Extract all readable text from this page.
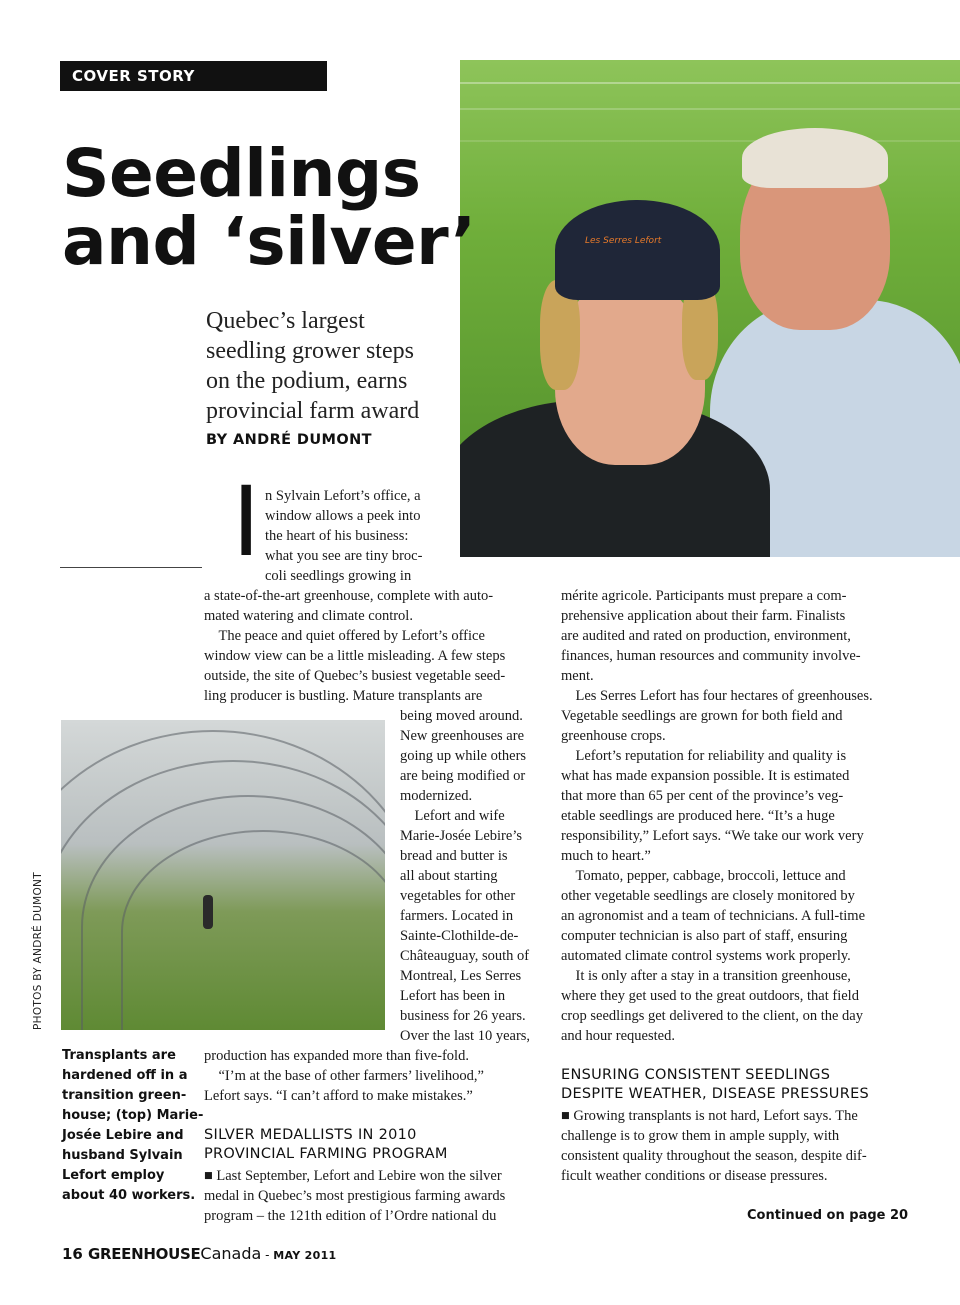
Les Serres Lefort
COVER STORY
Seedlings
and ‘silver’
Quebec’s largest
seedling grower steps
on the podium, earns
provincial farm award
BY ANDRÉ DUMONT
I n Sylvain Lefort’s office, a
window allows a peek into
the heart of his business:
what you see are tiny broc-
coli seedlings growing in
a state-of-the-art greenhouse, complete with auto-
mated watering and climate control.
 The peace and quiet offered by Lefort’s office
window view can be a little misleading. A few steps
outside, the site of Quebec’s busiest vegetable seed-
ling producer is bustling. Mature transplants are
being moved around.
New greenhouses are
going up while others
are being modified or
modernized.
 Lefort and wife
Marie-Josée Lebire’s
bread and butter is
all about starting
vegetables for other
farmers. Located in
Sainte-Clothilde-de-
Châteauguay, south of
Montreal, Les Serres
Lefort has been in
business for 26 years.
Over the last 10 years,
PHOTOS BY ANDRÉ DUMONT
Transplants are
hardened off in a
transition green-
house; (top) Marie-
Josée Lebire and
husband Sylvain
Lefort employ
about 40 workers.
production has expanded more than five-fold.
 “I’m at the base of other farmers’ livelihood,”
Lefort says. “I can’t afford to make mistakes.”
SILVER MEDALLISTS IN 2010
PROVINCIAL FARMING PROGRAM
■ Last September, Lefort and Lebire won the silver
medal in Quebec’s most prestigious farming awards
program – the 121th edition of l’Ordre national du
mérite agricole. Participants must prepare a com-
prehensive application about their farm. Finalists
are audited and rated on production, environment,
finances, human resources and community involve-
ment.
 Les Serres Lefort has four hectares of greenhouses.
Vegetable seedlings are grown for both field and
greenhouse crops.
 Lefort’s reputation for reliability and quality is
what has made expansion possible. It is estimated
that more than 65 per cent of the province’s veg-
etable seedlings are produced here. “It’s a huge
responsibility,” Lefort says. “We take our work very
much to heart.”
 Tomato, pepper, cabbage, broccoli, lettuce and
other vegetable seedlings are closely monitored by
an agronomist and a team of technicians. A full-time
computer technician is also part of staff, ensuring
automated climate control systems work properly.
 It is only after a stay in a transition greenhouse,
where they get used to the great outdoors, that field
crop seedlings get delivered to the client, on the day
and hour requested.
ENSURING CONSISTENT SEEDLINGS
DESPITE WEATHER, DISEASE PRESSURES
■ Growing transplants is not hard, Lefort says. The
challenge is to grow them in ample supply, with
consistent quality throughout the season, despite dif-
ficult weather conditions or disease pressures.
Continued on page 20
16 GREENHOUSECanada - MAY 2011
